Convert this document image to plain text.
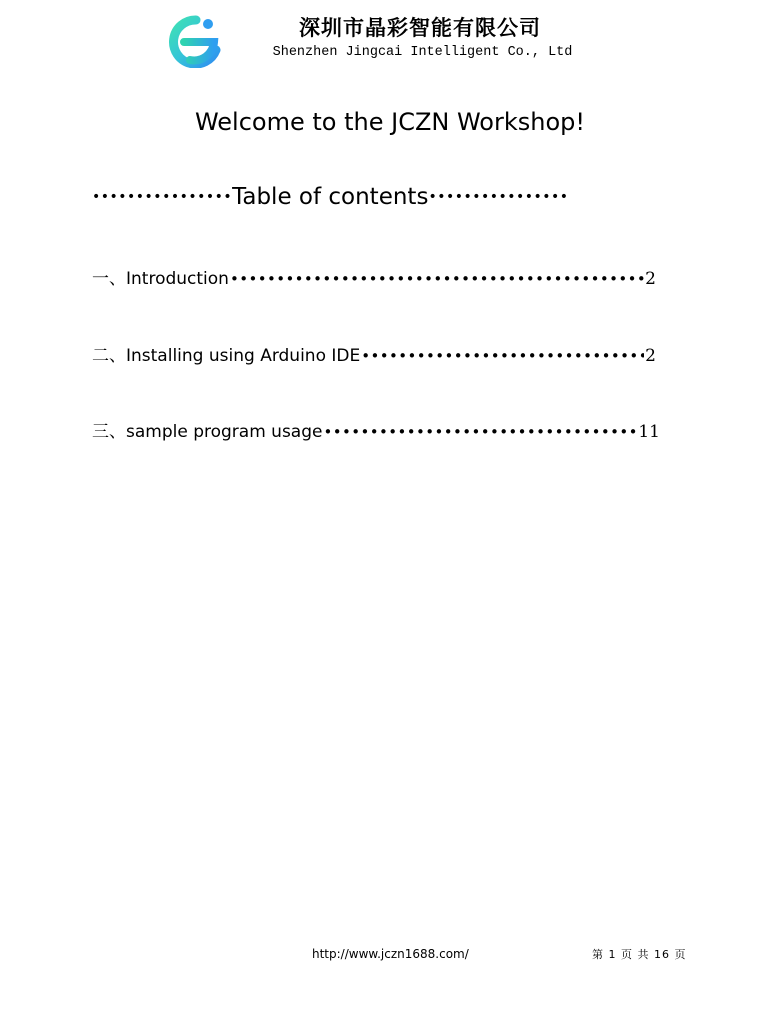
深圳市晶彩智能有限公司
Shenzhen Jingcai Intelligent Co., Ltd
Welcome to the JCZN Workshop!
•••••••••••••••• Table of contents ••••••••••••••••
一、 Introduction •••••	2
二、 Installing using Arduino IDE •••••	2
三、 sample program usage •••••	11
http://www.jczn1688.com/	第 1 页 共 16 页
